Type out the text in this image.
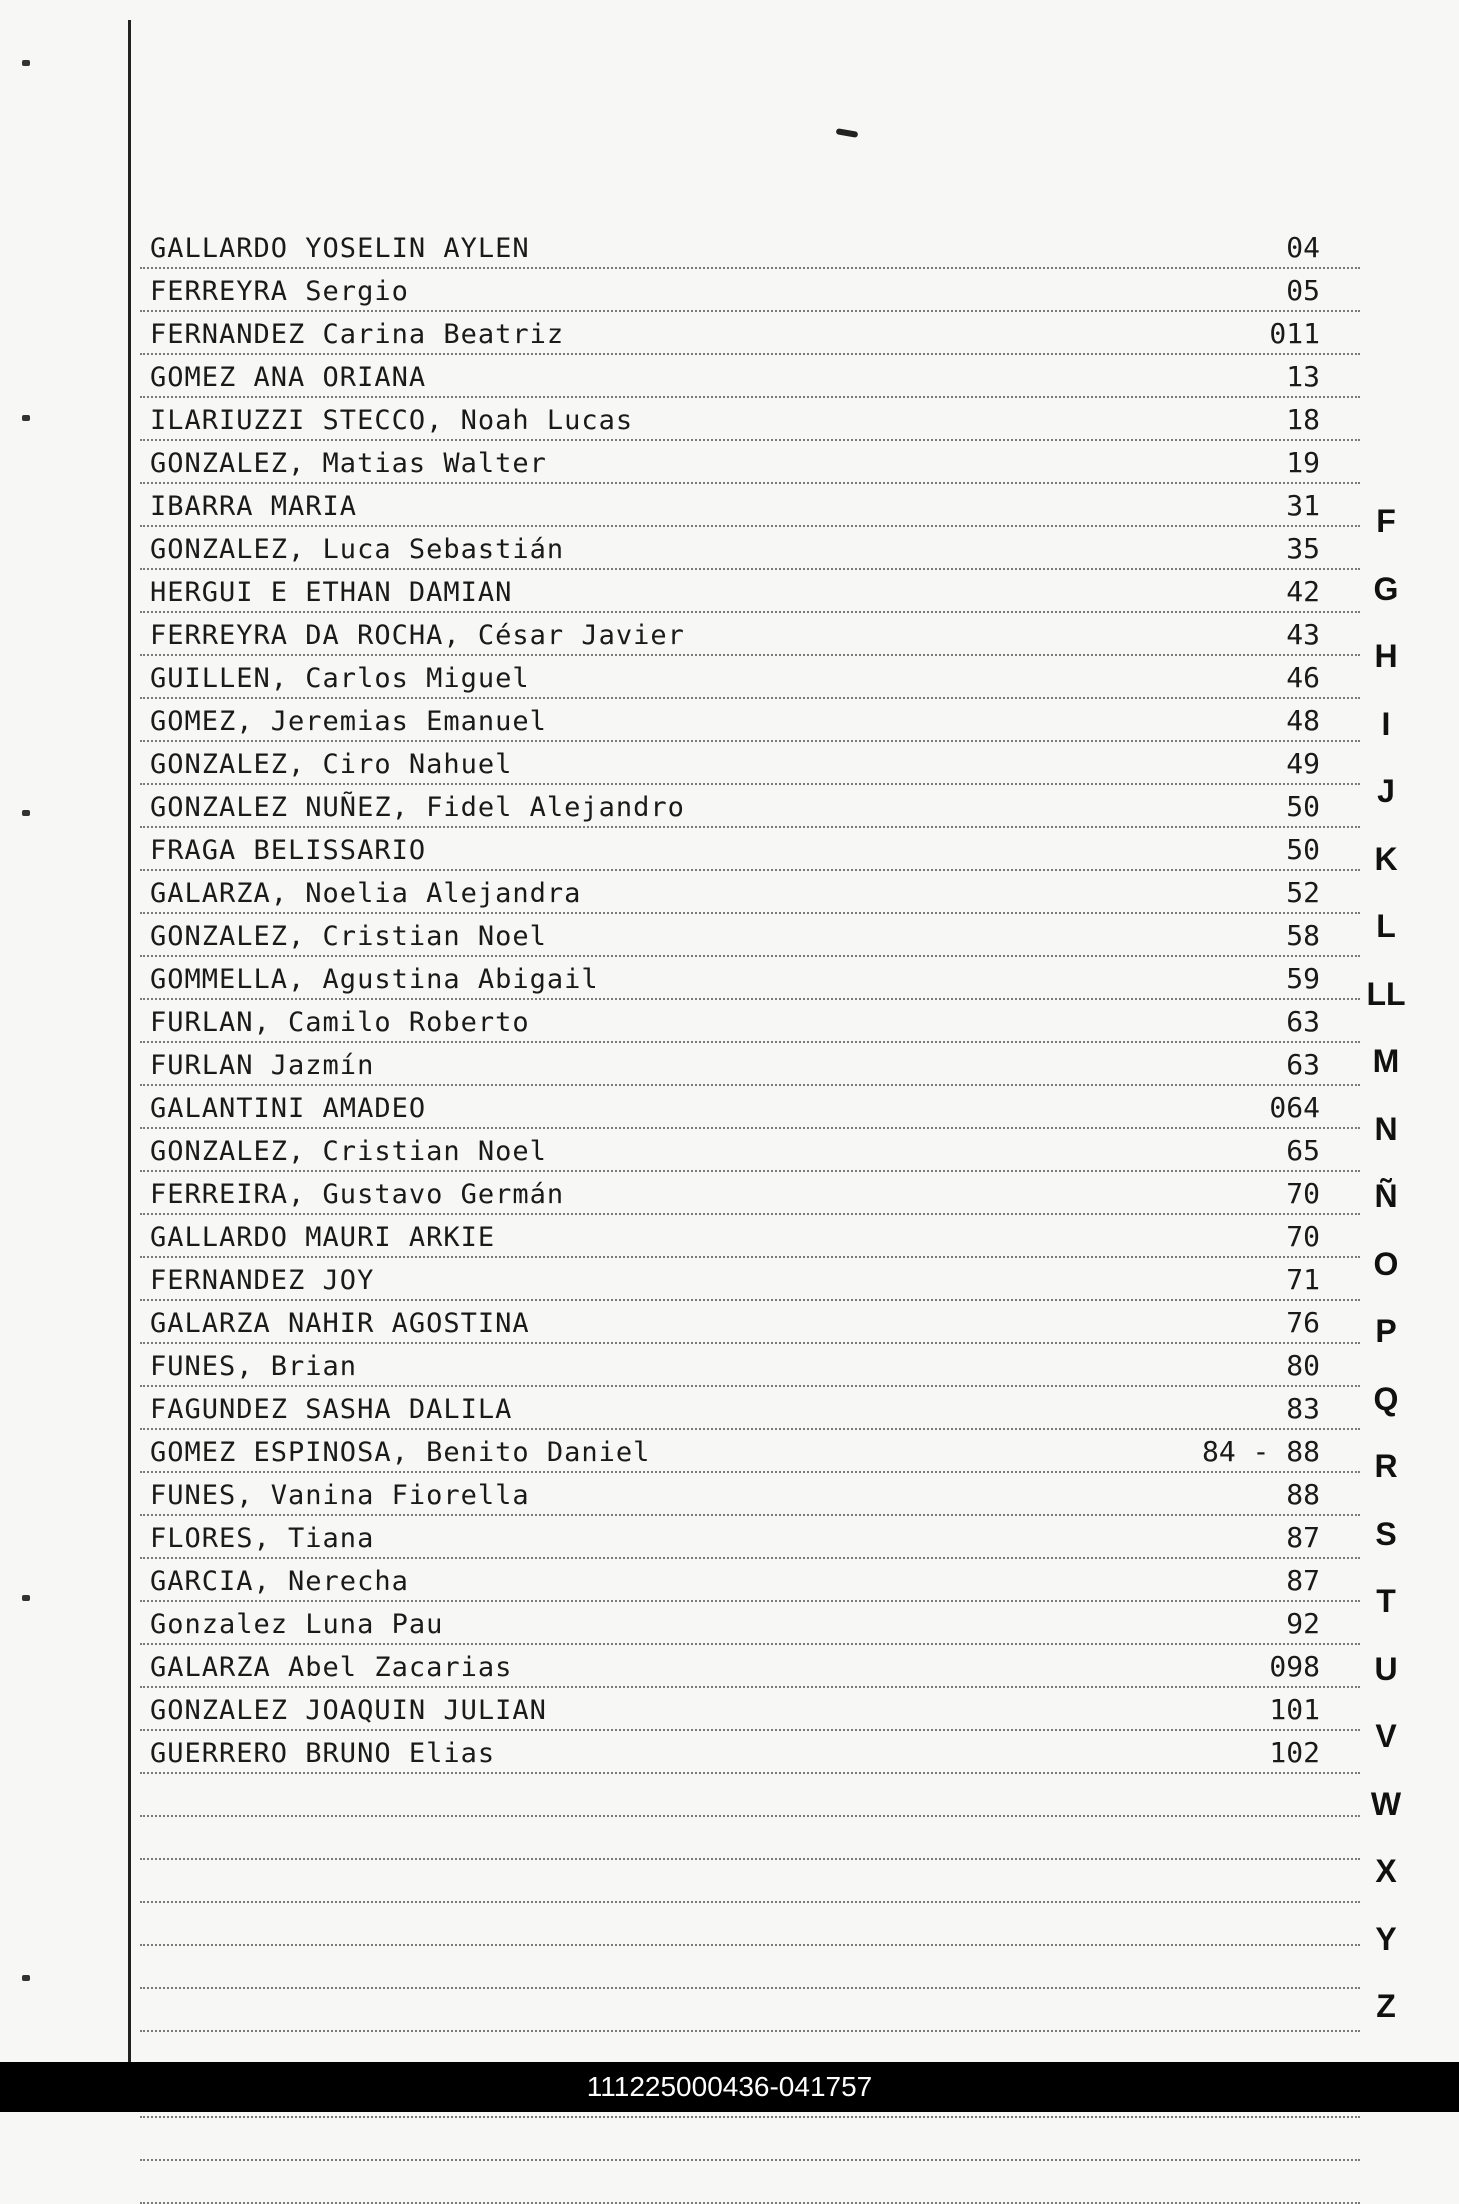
GALLARDO YOSELIN AYLEN	04
FERREYRA Sergio	05
FERNANDEZ Carina Beatriz	011
GOMEZ ANA ORIANA	13
ILARIUZZI STECCO, Noah Lucas	18
GONZALEZ, Matias Walter	19
IBARRA MARIA	31
GONZALEZ, Luca Sebastián	35
HERGUI E ETHAN DAMIAN	42
FERREYRA DA ROCHA, César Javier	43
GUILLEN, Carlos Miguel	46
GOMEZ, Jeremias Emanuel	48
GONZALEZ, Ciro Nahuel	49
GONZALEZ NUÑEZ, Fidel Alejandro	50
FRAGA BELISSARIO	50
GALARZA, Noelia Alejandra	52
GONZALEZ, Cristian Noel	58
GOMMELLA, Agustina Abigail	59
FURLAN, Camilo Roberto	63
FURLAN Jazmín	63
GALANTINI AMADEO	064
GONZALEZ, Cristian Noel	65
FERREIRA, Gustavo Germán	70
GALLARDO MAURI ARKIE	70
FERNANDEZ JOY	71
GALARZA NAHIR AGOSTINA	76
FUNES, Brian	80
FAGUNDEZ SASHA DALILA	83
GOMEZ ESPINOSA, Benito Daniel	84 - 88
FUNES, Vanina Fiorella	88
FLORES, Tiana	87
GARCIA, Nerecha	87
Gonzalez Luna Pau	92
GALARZA Abel Zacarias	098
GONZALEZ JOAQUIN JULIAN	101
GUERRERO BRUNO Elias	102
F
G
H
I
J
K
L
LL
M
N
Ñ
O
P
Q
R
S
T
U
V
W
X
Y
Z
111225000436-041757
